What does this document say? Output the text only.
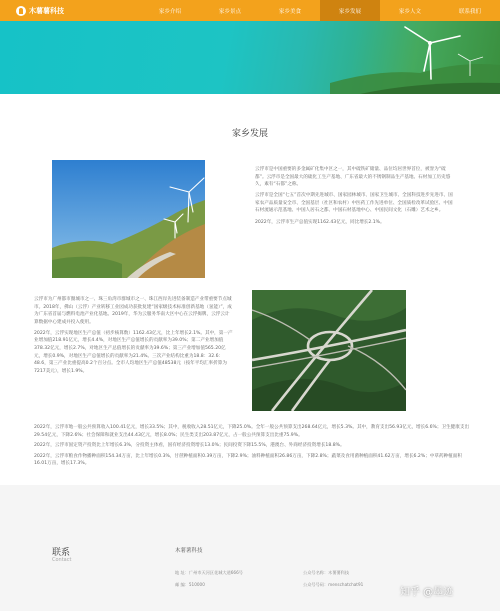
木薯薯科技	家乡介绍	家乡景点	家乡美食	家乡发展	家乡人文	联系我们
家乡发展

云浮市是中国重要的多金属矿化集中区之一，其中硫铁矿储量、品位均居世界首位，被誉为“硫都”。云浮市是全国最大的硫化工生产基地、广东省最大的不锈钢制品生产基地、石材加工历史悠久，素有“石都”之称。

云浮市是全国“七五”首次中期先进城市、国家园林城市、国家卫生城市、全国科技进步先进市、国家农产品质量安全市、全国基层（社区和农村）中医药工作先进单位、全国质检改革试验区、中国石材流通示范基地、中国人居石之都、中国石材基地中心、中国民间文化（石雕）艺术之乡。

2022年，云浮市生产总值实现1162.43亿元，同比增长2.1%。

云浮市为广州都市圈城市之一、珠三角湾市群城市之一、珠江西岸先进装备制造产业带重要节点城市。2018年，佛山（云浮）产业转移工业园成功获批复建“国家级技术标准创新基地（氢能）”，成为广东省首届与燃料电池产业化基地。2019年，华为云服务华南大区中心在云浮揭牌，云浮云计算数据中心建成并投入使用。

2022年，云浮实现地区生产总值（初步核算数）1162.43亿元，比上年增长2.1%。其中，第一产业增加值218.91亿元，增长4.4%，对地区生产总值增长的贡献率为39.0%；第二产业增加值378.32亿元，增长2.7%，对地区生产总值增长的贡献率为39.6%；第三产业增加值565.20亿元，增长0.9%，对地区生产总值增长的贡献率为21.4%。三次产业结构比重为18.8：32.6：48.6，第三产业比重提高0.2个百分点。全市人均地区生产总值48538元（按年平均汇率折算为7217美元），增长1.9%。

2022年，云浮市地一般公共预算收入100.41亿元，增长33.5%；其中，税收收入28.51亿元，下降25.0%。全年一般公共预算支出268.64亿元，增长5.3%。其中，教育支出56.93亿元，增长6.6%；卫生健康支出29.54亿元，下降2.6%；社会保障和就业支出44.43亿元，增长8.0%；民生类支出203.87亿元，占一般公共预算支出比重75.9%。

2022年，云浮市固定资产投资比上年增长6.3%，分投资主体看，国有经济投资增长13.0%；民间投资下降15.5%，港澳台、外商经济投资增长18.8%。

2022年，云浮市粮食作物播种面积154.34万亩，比上年增长0.3%，甘蔗种植面积0.39万亩，下降2.9%；油料种植面积26.86万亩，下降2.8%；蔬菜及食用菌种植面积41.62万亩，增长6.2%；中草药种植面积16.01万亩，增长17.3%。

联系
Contact
木薯薯科技
地 址：广州市天河区花城大道666号
邮 编：510000
公众号名称：木薯薯科技
公众号号码：menschatchat91
知乎 @墨迹
